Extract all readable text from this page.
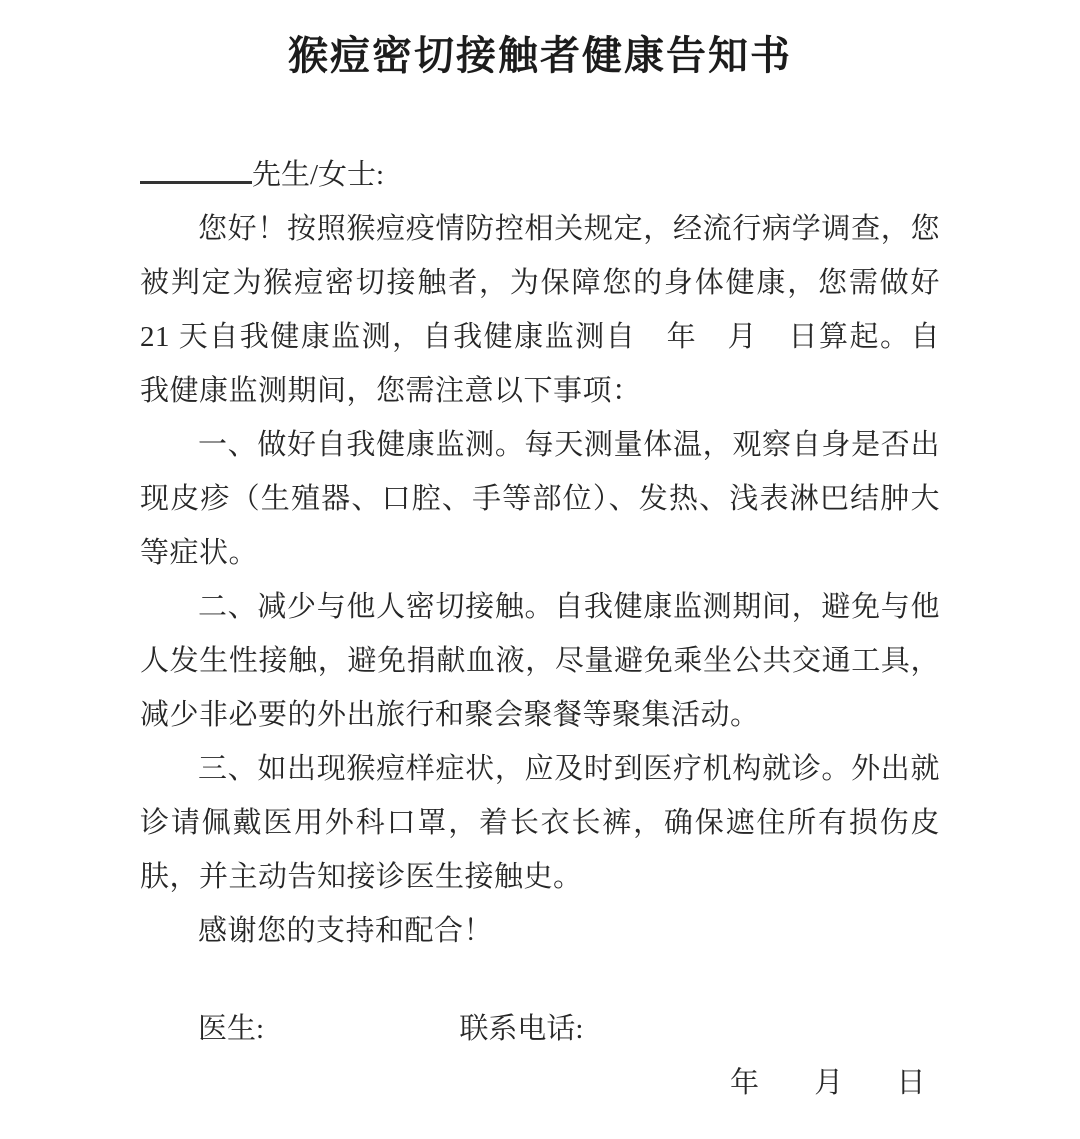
猴痘密切接触者健康告知书
先生/女士:

您好！按照猴痘疫情防控相关规定，经流行病学调查，您被判定为猴痘密切接触者，为保障您的身体健康，您需做好 21 天自我健康监测，自我健康监测自　年　月　日算起。自我健康监测期间，您需注意以下事项：

一、做好自我健康监测。每天测量体温，观察自身是否出现皮疹（生殖器、口腔、手等部位）、发热、浅表淋巴结肿大等症状。

二、减少与他人密切接触。自我健康监测期间，避免与他人发生性接触，避免捐献血液，尽量避免乘坐公共交通工具，减少非必要的外出旅行和聚会聚餐等聚集活动。

三、如出现猴痘样症状，应及时到医疗机构就诊。外出就诊请佩戴医用外科口罩，着长衣长裤，确保遮住所有损伤皮肤，并主动告知接诊医生接触史。

感谢您的支持和配合！

医生:	联系电话:
年 月 日
